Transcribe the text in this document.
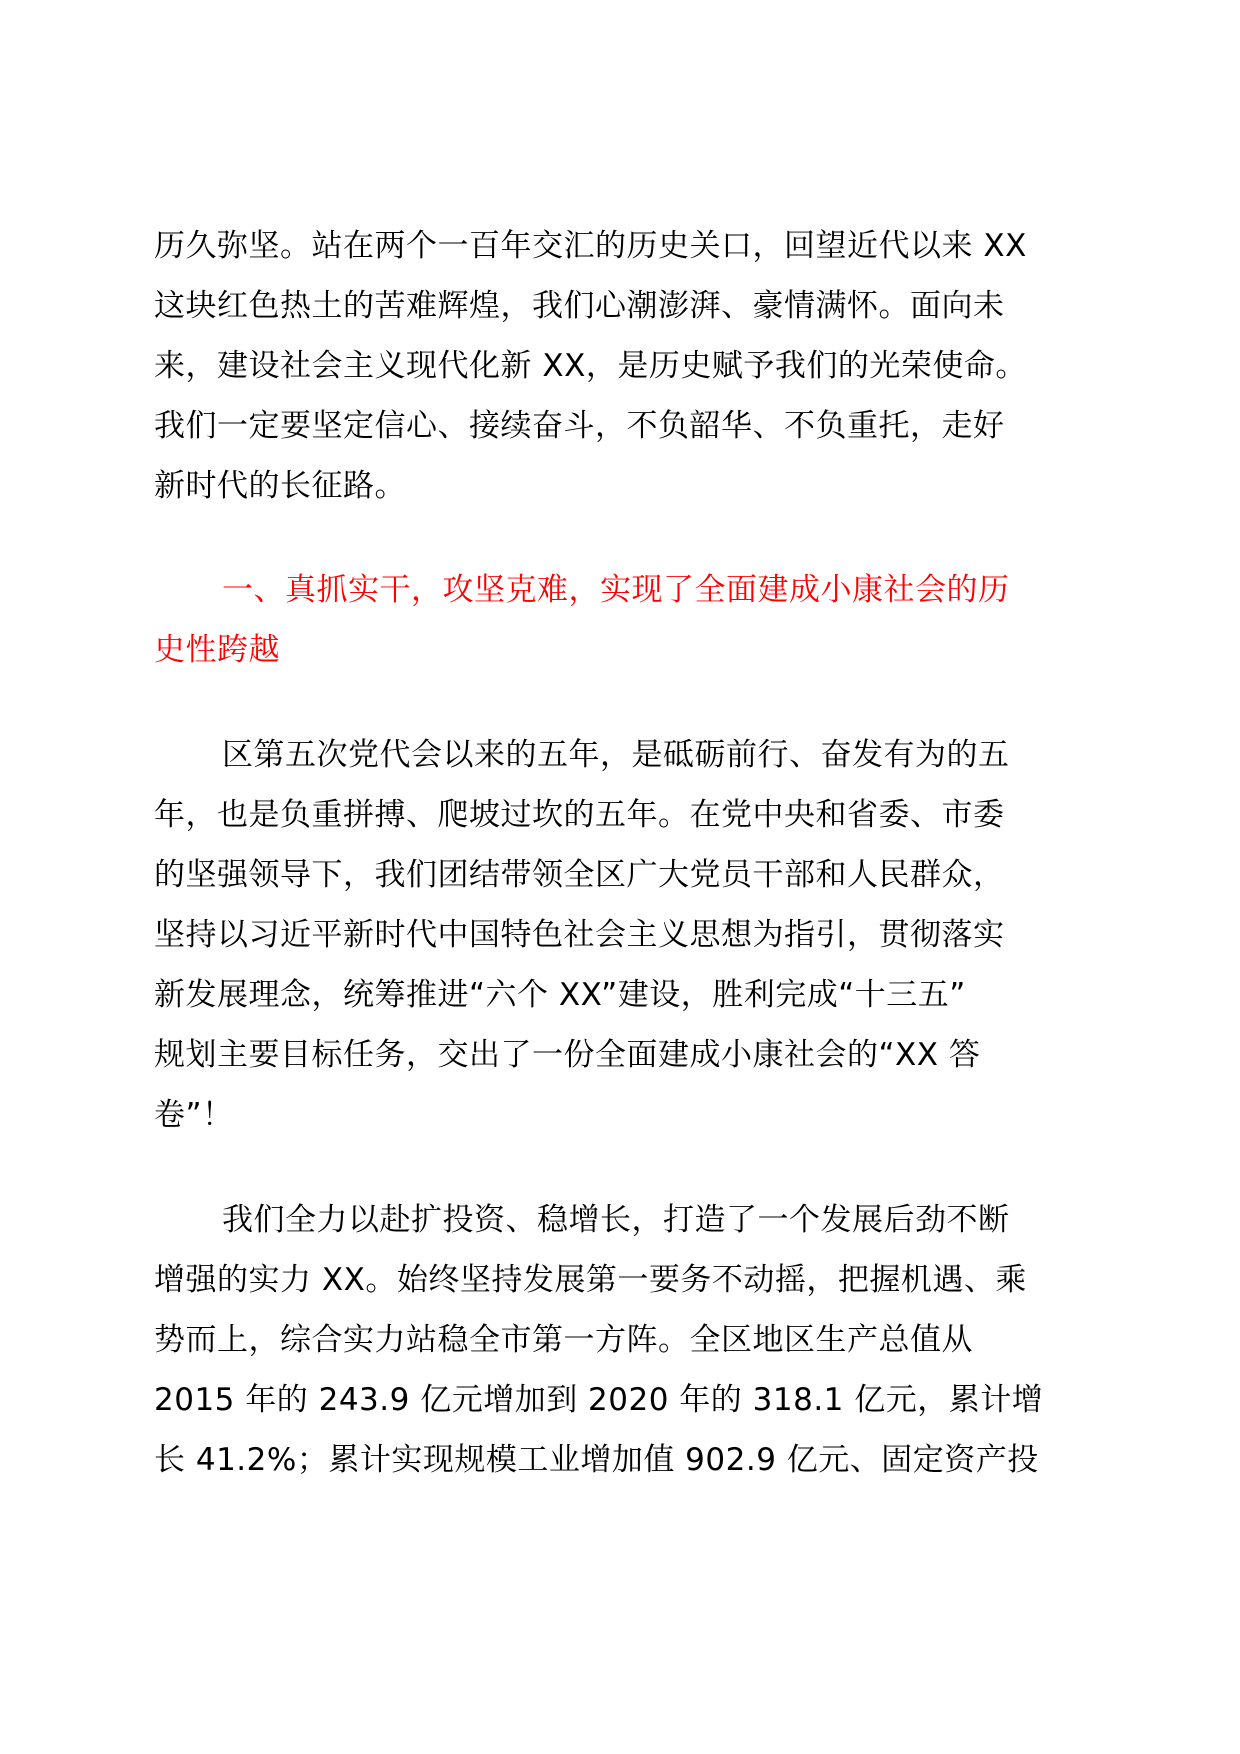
历久弥坚。站在两个一百年交汇的历史关口，回望近代以来 XX
这块红色热土的苦难辉煌，我们心潮澎湃、豪情满怀。面向未
来，建设社会主义现代化新 XX，是历史赋予我们的光荣使命。
我们一定要坚定信心、接续奋斗，不负韶华、不负重托，走好
新时代的长征路。
一、真抓实干，攻坚克难，实现了全面建成小康社会的历
史性跨越
区第五次党代会以来的五年，是砥砺前行、奋发有为的五
年，也是负重拼搏、爬坡过坎的五年。在党中央和省委、市委
的坚强领导下，我们团结带领全区广大党员干部和人民群众，
坚持以习近平新时代中国特色社会主义思想为指引，贯彻落实
新发展理念，统筹推进“六个 XX”建设，胜利完成“十三五”
规划主要目标任务，交出了一份全面建成小康社会的“XX 答
卷”！
我们全力以赴扩投资、稳增长，打造了一个发展后劲不断
增强的实力 XX。始终坚持发展第一要务不动摇，把握机遇、乘
势而上，综合实力站稳全市第一方阵。全区地区生产总值从
2015 年的 243.9 亿元增加到 2020 年的 318.1 亿元，累计增
长 41.2%；累计实现规模工业增加值 902.9 亿元、固定资产投
